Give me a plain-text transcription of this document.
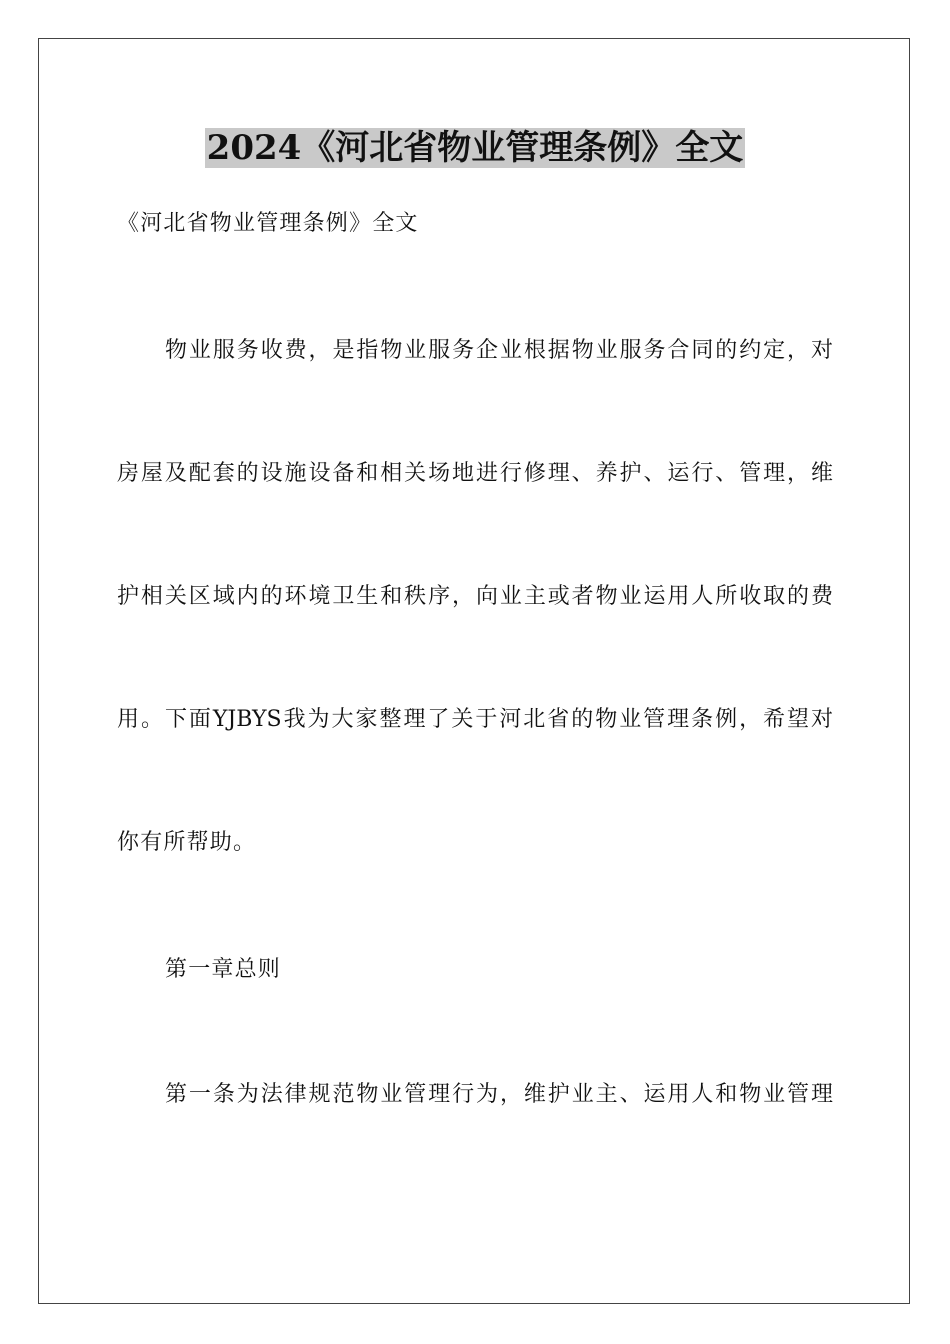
2024《河北省物业管理条例》全文
《河北省物业管理条例》全文
物业服务收费，是指物业服务企业根据物业服务合同的约定，对
房屋及配套的设施设备和相关场地进行修理、养护、运行、管理，维
护相关区域内的环境卫生和秩序，向业主或者物业运用人所收取的费
用。下面YJBYS我为大家整理了关于河北省的物业管理条例，希望对
你有所帮助。
第一章总则
第一条为法律规范物业管理行为，维护业主、运用人和物业管理
